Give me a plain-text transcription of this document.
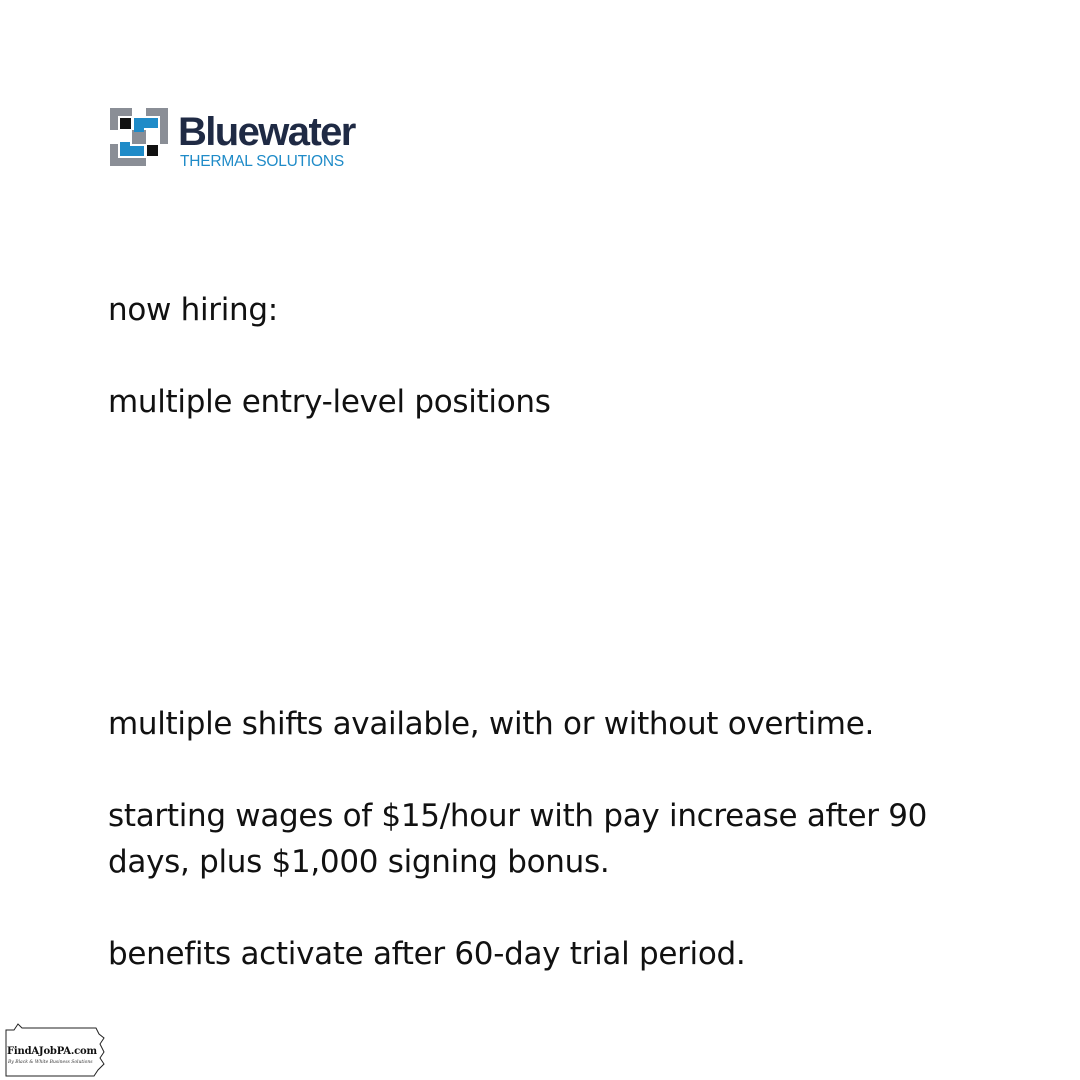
Bluewater
THERMAL SOLUTIONS

now hiring:

multiple entry-level positions

multiple shifts available, with or without overtime.

starting wages of $15/hour with pay increase after 90

days, plus $1,000 signing bonus.

benefits activate after 60-day trial period.

FindAJobPA.com
By Black & White Business Solutions
